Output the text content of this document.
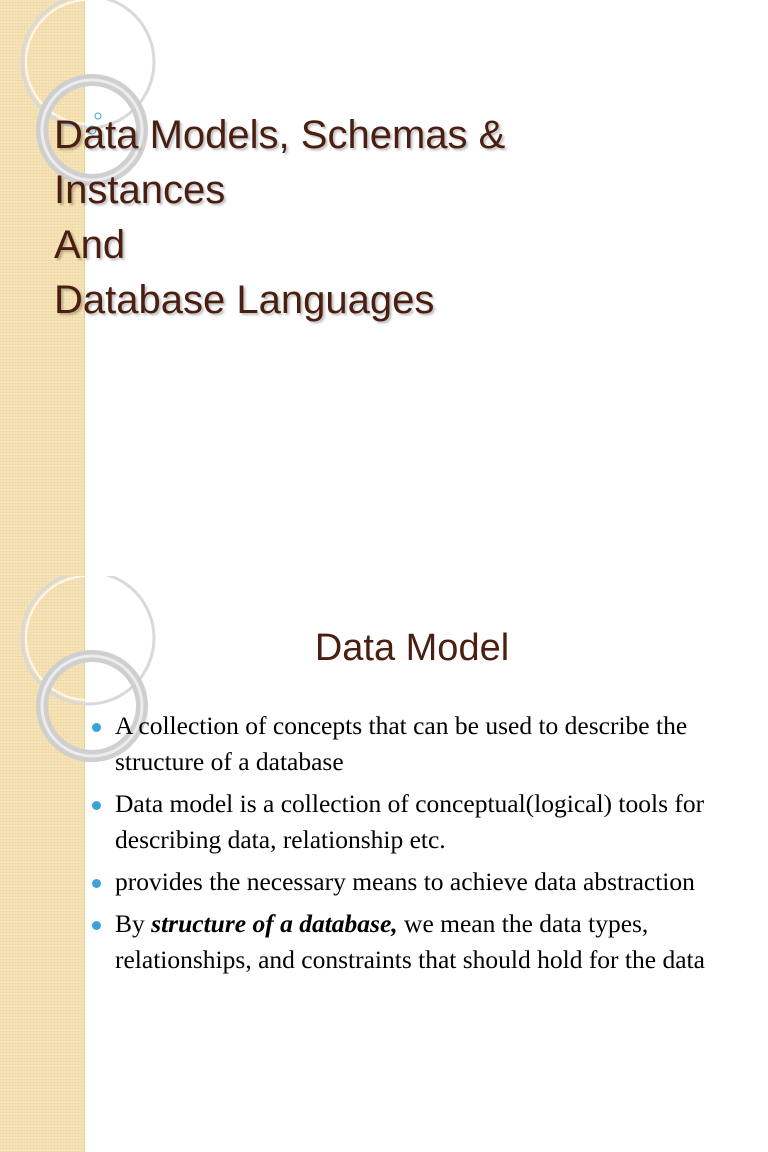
Data Models, Schemas &
Instances
And
Database Languages
Data Model
A collection of concepts that can be used to describe the structure of a database
Data model is a collection of conceptual(logical) tools for describing data, relationship etc.
provides the necessary means to achieve data abstraction
By structure of a database, we mean the data types, relationships, and constraints that should hold for the data
